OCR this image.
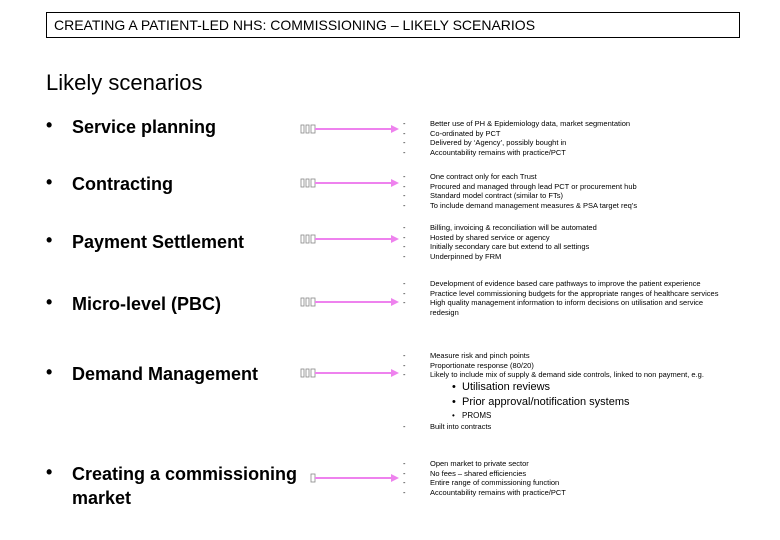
CREATING A PATIENT-LED NHS: COMMISSIONING – LIKELY SCENARIOS
Likely scenarios
•	Service planning
•	Contracting
•	Payment Settlement
•	Micro-level (PBC)
•	Demand Management
•	Creating a commissioning
market
-	Better use of PH & Epidemiology data, market segmentation
-	Co-ordinated by PCT
-	Delivered by ‘Agency’, possibly bought in
-	Accountability remains with practice/PCT
-	One contract only for each Trust
-	Procured and managed through lead PCT or procurement hub
-	Standard model contract (similar to FTs)
-	To include demand management measures & PSA target req’s
-	Billing, invoicing & reconciliation will be automated
-	Hosted by shared service or agency
-	Initially secondary care but extend to all settings
-	Underpinned by FRM
-	Development of evidence based care pathways to improve the patient experience
-	Practice level commissioning budgets for the appropriate ranges of healthcare services
-	High quality management information to inform decisions on utilisation and service redesign
-	Measure risk and pinch points
-	Proportionate response (80/20)
-	Likely to include mix of supply & demand side controls, linked to non payment, e.g.
• Utilisation reviews
• Prior approval/notification systems
• PROMS
-	Built into contracts
-	Open market to private sector
-	No fees – shared efficiencies
-	Entire range of commissioning function
-	Accountability remains with practice/PCT
